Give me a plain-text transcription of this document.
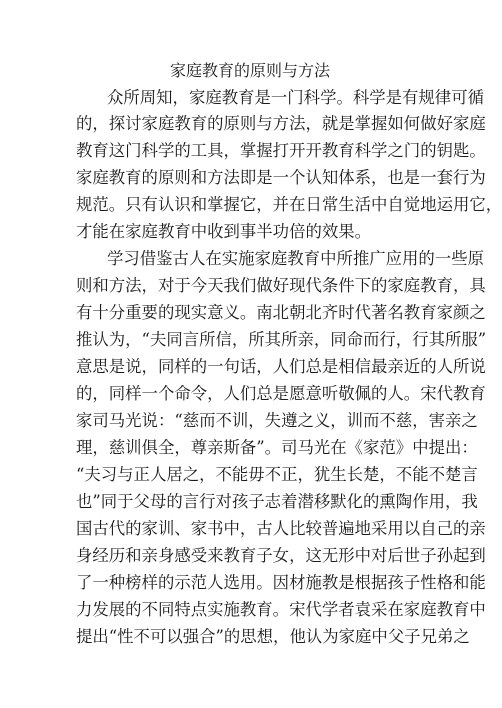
家庭教育的原则与方法
众所周知，家庭教育是一门科学。科学是有规律可循
的，探讨家庭教育的原则与方法，就是掌握如何做好家庭
教育这门科学的工具，掌握打开开教育科学之门的钥匙。
家庭教育的原则和方法即是一个认知体系，也是一套行为
规范。只有认识和掌握它，并在日常生活中自觉地运用它，
才能在家庭教育中收到事半功倍的效果。
学习借鉴古人在实施家庭教育中所推广应用的一些原
则和方法，对于今天我们做好现代条件下的家庭教育，具
有十分重要的现实意义。南北朝北齐时代著名教育家颜之
推认为，“夫同言所信，所其所亲，同命而行，行其所服”
意思是说，同样的一句话，人们总是相信最亲近的人所说
的，同样一个命令，人们总是愿意听敬佩的人。宋代教育
家司马光说：“慈而不训，失遵之义，训而不慈，害亲之
理，慈训俱全，尊亲斯备”。司马光在《家范》中提出：
“夫习与正人居之，不能毋不正，犹生长楚，不能不楚言
也”同于父母的言行对孩子志着潜移默化的熏陶作用，我
国古代的家训、家书中，古人比较普遍地采用以自己的亲
身经历和亲身感受来教育子女，这无形中对后世子孙起到
了一种榜样的示范人选用。因材施教是根据孩子性格和能
力发展的不同特点实施教育。宋代学者袁采在家庭教育中
提出“性不可以强合”的思想，他认为家庭中父子兄弟之
